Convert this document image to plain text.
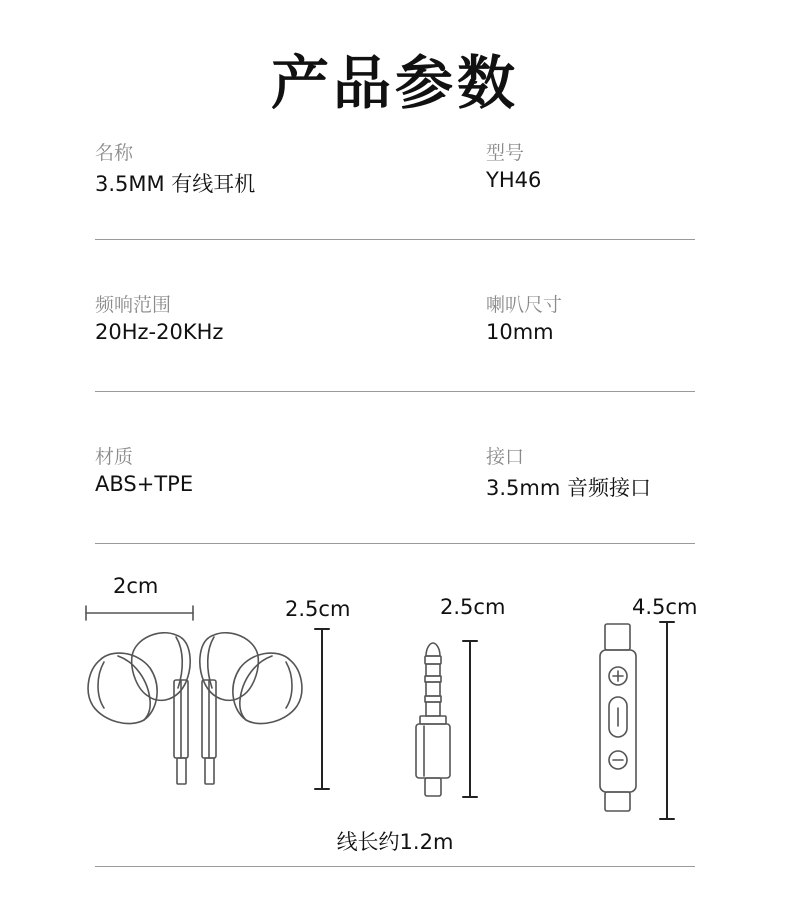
产品参数
名称
3.5MM 有线耳机
型号
YH46
频响范围
20Hz-20KHz
喇叭尺寸
10mm
材质
ABS+TPE
接口
3.5mm 音频接口
2cm
2.5cm	2.5cm	4.5cm
线长约1.2m
